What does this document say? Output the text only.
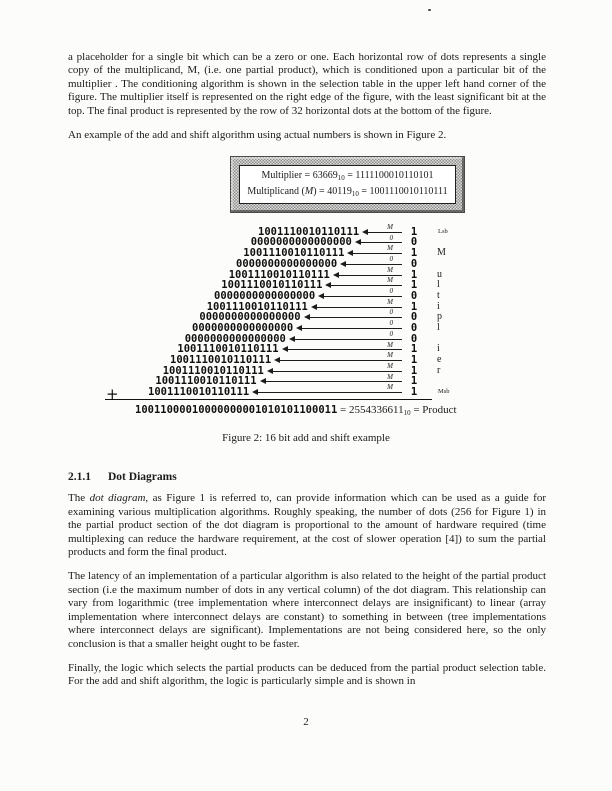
a placeholder for a single bit which can be a zero or one. Each horizontal row of dots represents a single copy of the multiplicand, M, (i.e. one partial product), which is conditioned upon a particular bit of the multiplier . The conditioning algorithm is shown in the selection table in the upper left hand corner of the figure. The multiplier itself is represented on the right edge of the figure, with the least significant bit at the top. The final product is represented by the row of 32 horizontal dots at the bottom of the figure.

An example of the add and shift algorithm using actual numbers is shown in Figure 2.

Multiplier = $63669_{10} = 1111100010110101$
Multiplicand $(M) = 40119_{10} = 1001110010110111$
1001110010110111	M	1	Lsb
0000000000000000	0	0
1001110010110111	M	1	M
0000000000000000	0	0
1001110010110111	M	1	u
1001110010110111	M	1	l
0000000000000000	0	0	t
1001110010110111	M	1	i
0000000000000000	0	0	p
0000000000000000	0	0	l
0000000000000000	0	0
1001110010110111	M	1	i
1001110010110111	M	1	e
1001110010110111	M	1	r
1001110010110111	M	1
+	1001110010110111	M	1	Msb
$10011000010000000001010101100011 = 2554336611_{10}$ = Product
Figure 2: 16 bit add and shift example
2.1.1 Dot Diagrams

The dot diagram, as Figure 1 is referred to, can provide information which can be used as a guide for examining various multiplication algorithms. Roughly speaking, the number of dots (256 for Figure 1) in the partial product section of the dot diagram is proportional to the amount of hardware required (time multiplexing can reduce the hardware requirement, at the cost of slower operation [4]) to sum the partial products and form the final product.

The latency of an implementation of a particular algorithm is also related to the height of the partial product section (i.e the maximum number of dots in any vertical column) of the dot diagram. This relationship can vary from logarithmic (tree implementation where interconnect delays are insignificant) to linear (array implementation where interconnect delays are constant) to something in between (tree implementations where interconnect delays are significant). Implementations are not being considered here, so the only conclusion is that a smaller height ought to be faster.

Finally, the logic which selects the partial products can be deduced from the partial product selection table. For the add and shift algorithm, the logic is particularly simple and is shown in

2
